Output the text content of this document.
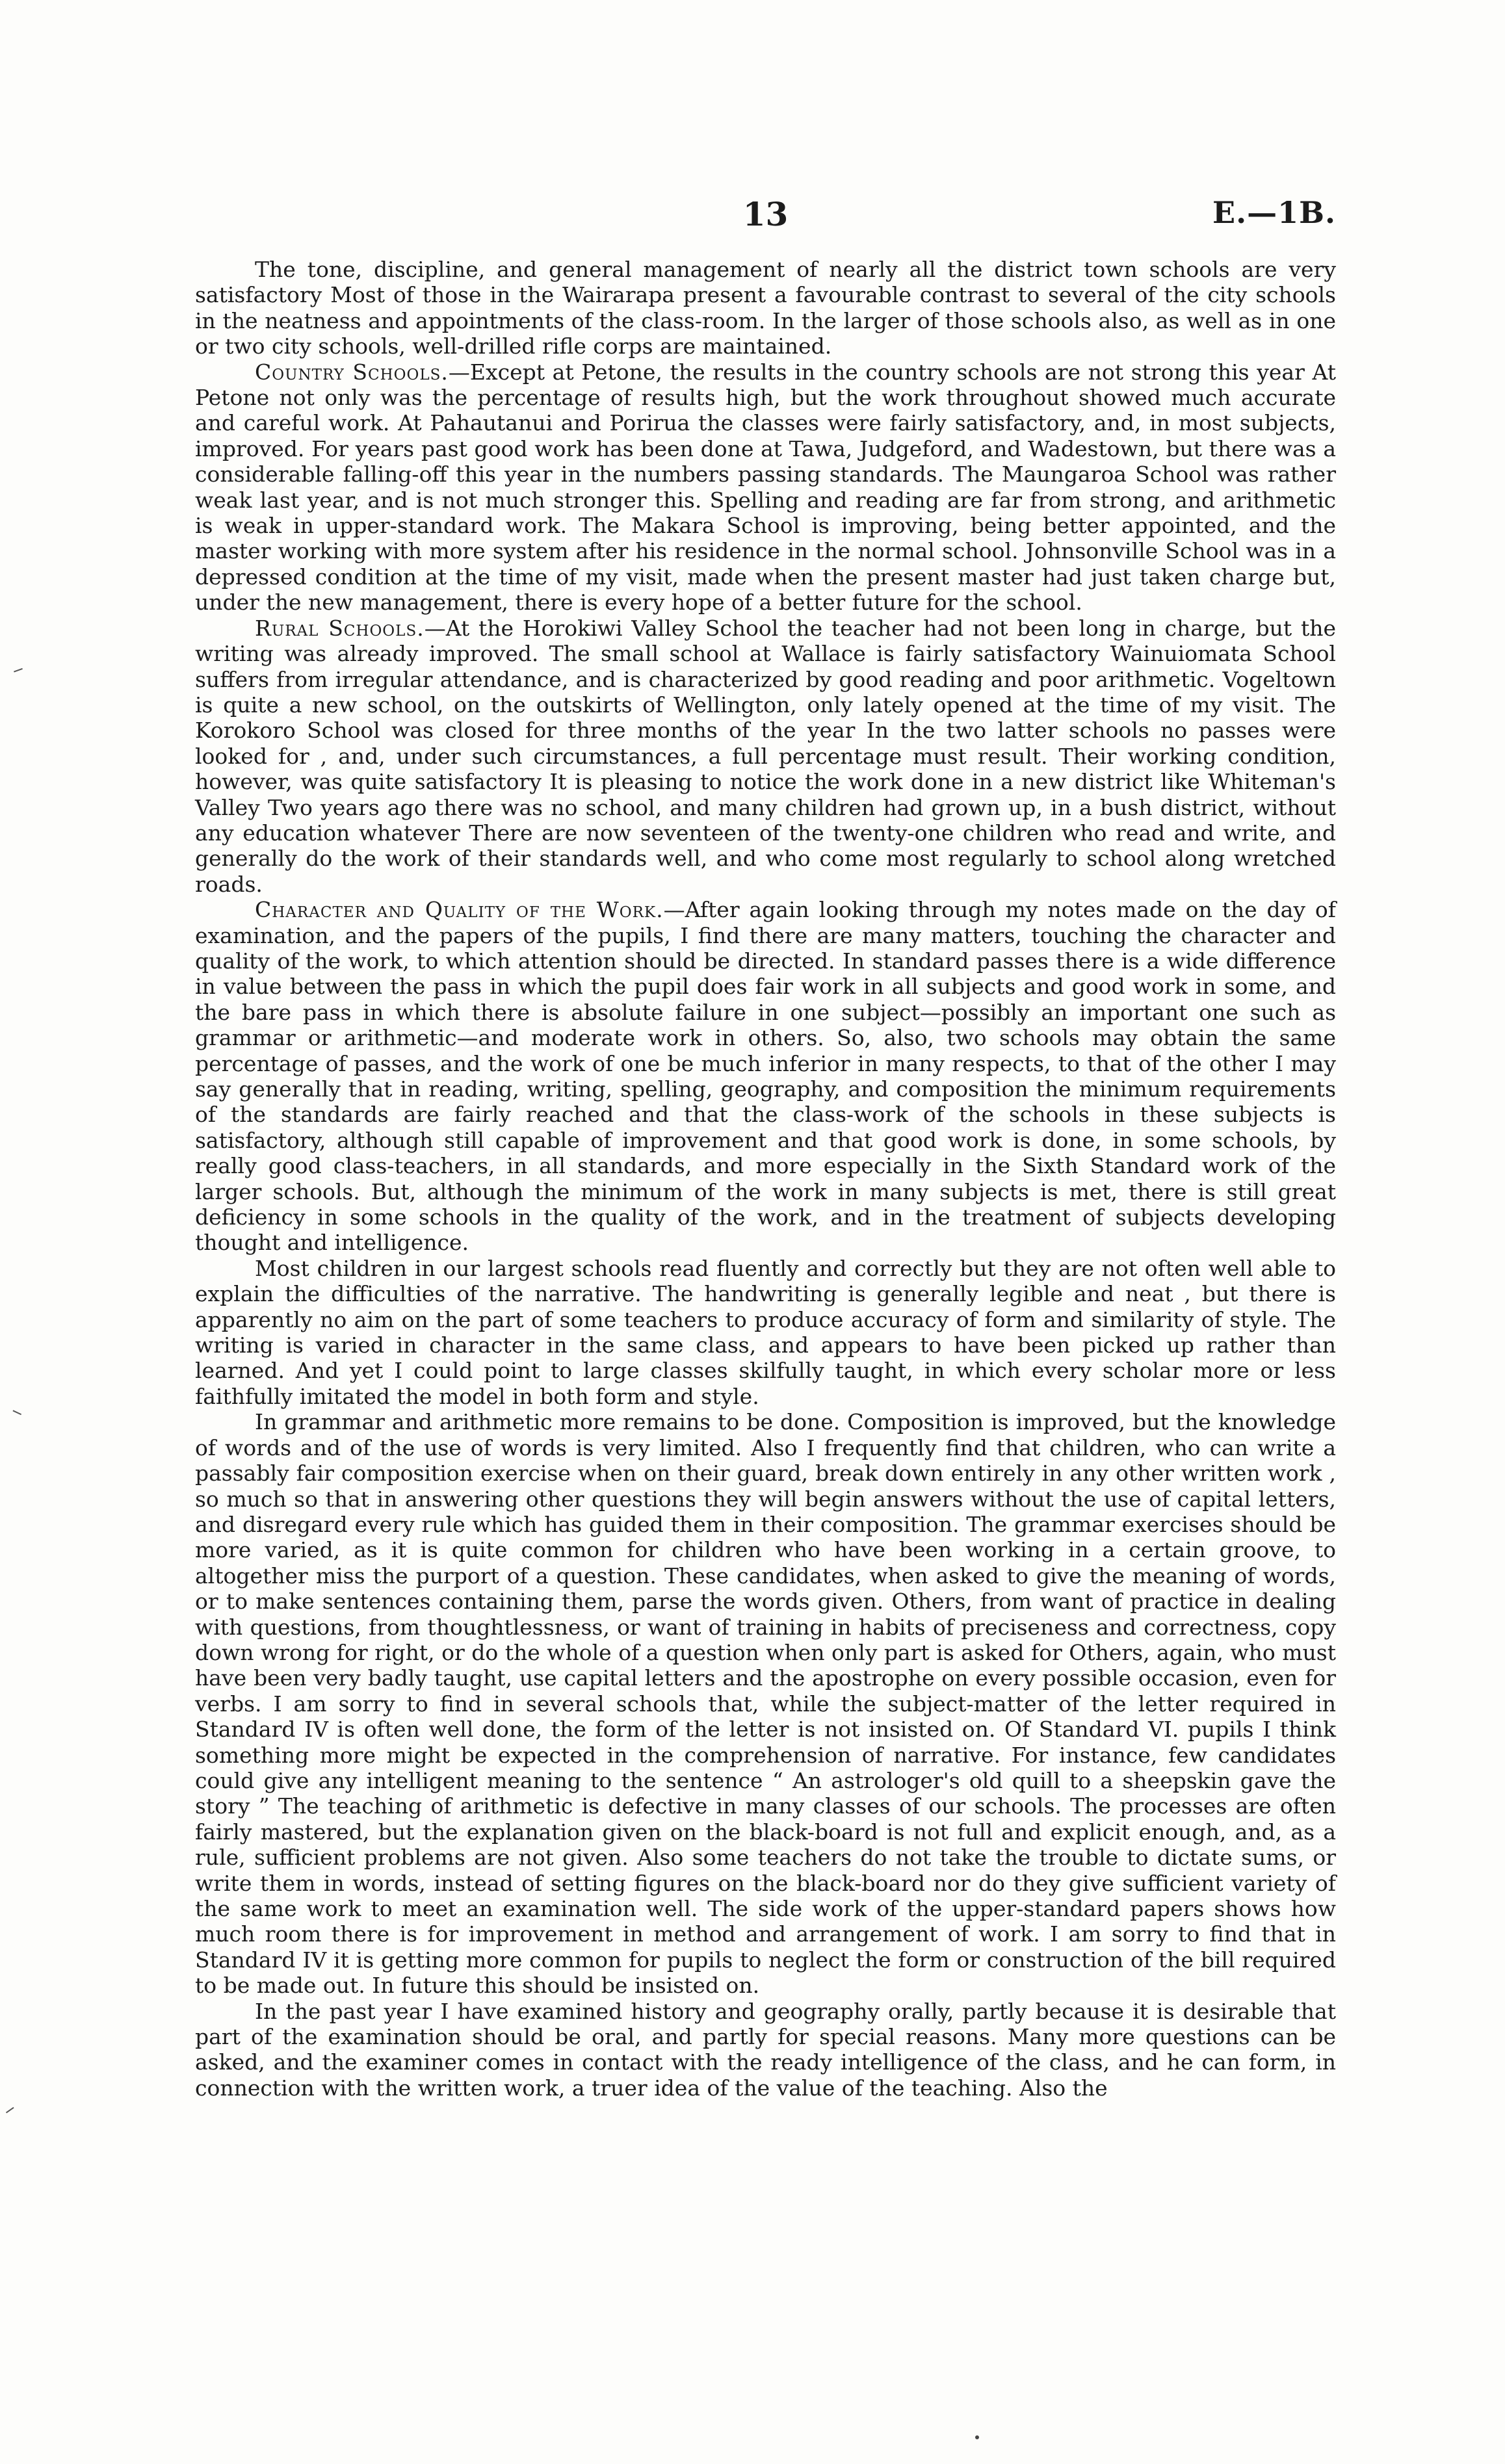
13	E.—1B.

The tone, discipline, and general management of nearly all the district town schools are very satisfactory Most of those in the Wairarapa present a favourable contrast to several of the city schools in the neatness and appointments of the class-room. In the larger of those schools also, as well as in one or two city schools, well-drilled rifle corps are maintained.

Country Schools.—Except at Petone, the results in the country schools are not strong this year At Petone not only was the percentage of results high, but the work throughout showed much accurate and careful work. At Pahautanui and Porirua the classes were fairly satisfactory, and, in most subjects, improved. For years past good work has been done at Tawa, Judgeford, and Wadestown, but there was a considerable falling-off this year in the numbers passing standards. The Maungaroa School was rather weak last year, and is not much stronger this. Spelling and reading are far from strong, and arithmetic is weak in upper-standard work. The Makara School is improving, being better appointed, and the master working with more system after his residence in the normal school. Johnsonville School was in a depressed condition at the time of my visit, made when the present master had just taken charge but, under the new management, there is every hope of a better future for the school.

Rural Schools.—At the Horokiwi Valley School the teacher had not been long in charge, but the writing was already improved. The small school at Wallace is fairly satisfactory Wainuiomata School suffers from irregular attendance, and is characterized by good reading and poor arithmetic. Vogeltown is quite a new school, on the outskirts of Wellington, only lately opened at the time of my visit. The Korokoro School was closed for three months of the year In the two latter schools no passes were looked for , and, under such circumstances, a full percentage must result. Their working condition, however, was quite satisfactory It is pleasing to notice the work done in a new district like Whiteman's Valley Two years ago there was no school, and many children had grown up, in a bush district, without any education whatever There are now seventeen of the twenty-one children who read and write, and generally do the work of their standards well, and who come most regularly to school along wretched roads.

Character and Quality of the Work.—After again looking through my notes made on the day of examination, and the papers of the pupils, I find there are many matters, touching the character and quality of the work, to which attention should be directed. In standard passes there is a wide difference in value between the pass in which the pupil does fair work in all subjects and good work in some, and the bare pass in which there is absolute failure in one subject—possibly an important one such as grammar or arithmetic—and moderate work in others. So, also, two schools may obtain the same percentage of passes, and the work of one be much inferior in many respects, to that of the other I may say generally that in reading, writing, spelling, geography, and composition the minimum requirements of the standards are fairly reached and that the class-work of the schools in these subjects is satisfactory, although still capable of improvement and that good work is done, in some schools, by really good class-teachers, in all standards, and more especially in the Sixth Standard work of the larger schools. But, although the minimum of the work in many subjects is met, there is still great deficiency in some schools in the quality of the work, and in the treatment of subjects developing thought and intelligence.

Most children in our largest schools read fluently and correctly but they are not often well able to explain the difficulties of the narrative. The handwriting is generally legible and neat , but there is apparently no aim on the part of some teachers to produce accuracy of form and similarity of style. The writing is varied in character in the same class, and appears to have been picked up rather than learned. And yet I could point to large classes skilfully taught, in which every scholar more or less faithfully imitated the model in both form and style.

In grammar and arithmetic more remains to be done. Composition is improved, but the knowledge of words and of the use of words is very limited. Also I frequently find that children, who can write a passably fair composition exercise when on their guard, break down entirely in any other written work , so much so that in answering other questions they will begin answers without the use of capital letters, and disregard every rule which has guided them in their composition. The grammar exercises should be more varied, as it is quite common for children who have been working in a certain groove, to altogether miss the purport of a question. These candidates, when asked to give the meaning of words, or to make sentences containing them, parse the words given. Others, from want of practice in dealing with questions, from thoughtlessness, or want of training in habits of preciseness and correctness, copy down wrong for right, or do the whole of a question when only part is asked for Others, again, who must have been very badly taught, use capital letters and the apostrophe on every possible occasion, even for verbs. I am sorry to find in several schools that, while the subject-matter of the letter required in Standard IV is often well done, the form of the letter is not insisted on. Of Standard VI. pupils I think something more might be expected in the comprehension of narrative. For instance, few candidates could give any intelligent meaning to the sentence “ An astrologer's old quill to a sheepskin gave the story ” The teaching of arithmetic is defective in many classes of our schools. The processes are often fairly mastered, but the explanation given on the black-board is not full and explicit enough, and, as a rule, sufficient problems are not given. Also some teachers do not take the trouble to dictate sums, or write them in words, instead of setting figures on the black-board nor do they give sufficient variety of the same work to meet an examination well. The side work of the upper-standard papers shows how much room there is for improvement in method and arrangement of work. I am sorry to find that in Standard IV it is getting more common for pupils to neglect the form or construction of the bill required to be made out. In future this should be insisted on.

In the past year I have examined history and geography orally, partly because it is desirable that part of the examination should be oral, and partly for special reasons. Many more questions can be asked, and the examiner comes in contact with the ready intelligence of the class, and he can form, in connection with the written work, a truer idea of the value of the teaching. Also the
